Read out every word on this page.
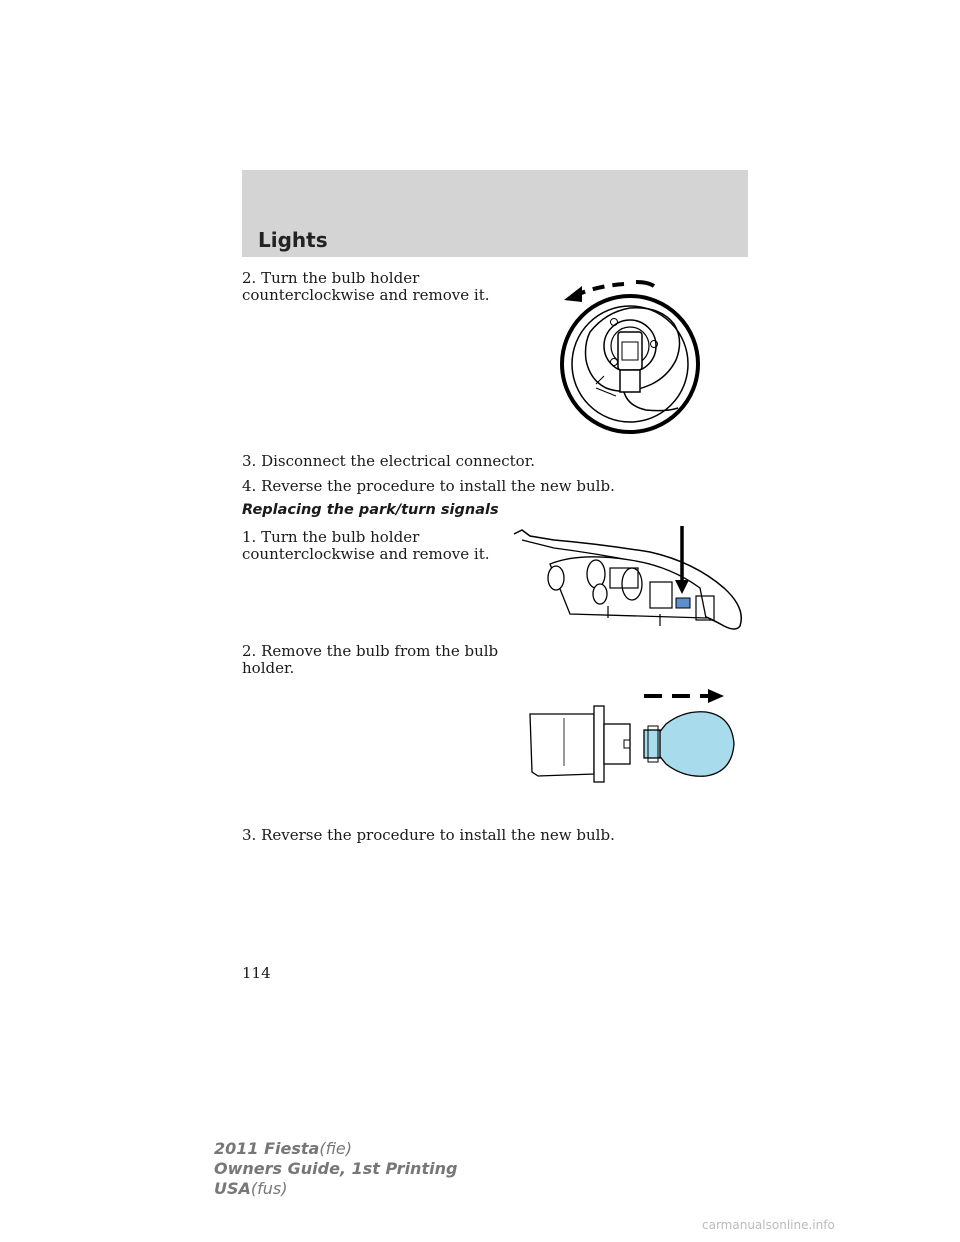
Lights
2. Turn the bulb holder
counterclockwise and remove it.
3. Disconnect the electrical connector.
4. Reverse the procedure to install the new bulb.
Replacing the park/turn signals
1. Turn the bulb holder
counterclockwise and remove it.
2. Remove the bulb from the bulb
holder.
3. Reverse the procedure to install the new bulb.
114
2011 Fiesta(fie)
Owners Guide, 1st Printing
USA(fus)
carmanualsonline.info
